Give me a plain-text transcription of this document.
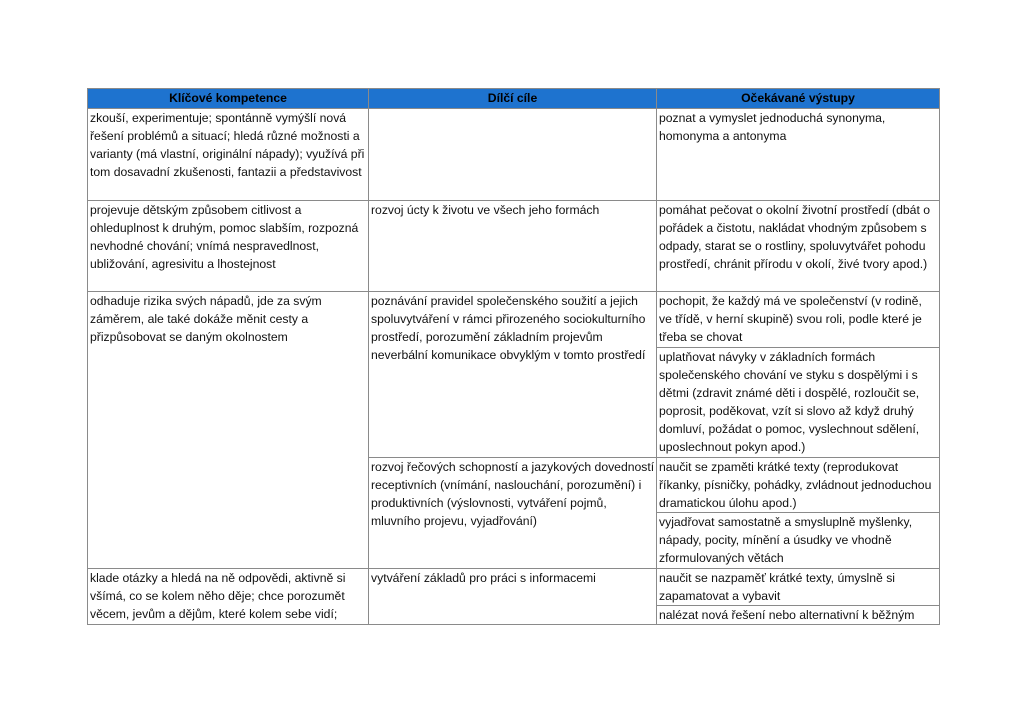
Klíčové kompetence	Dílčí cíle	Očekávané výstupy
zkouší, experimentuje; spontánně vymýšlí nová řešení problémů a situací; hledá různé možnosti a varianty (má vlastní, originální nápady); využívá při tom dosavadní zkušenosti, fantazii a představivost		poznat a vymyslet jednoduchá synonyma, homonyma a antonyma
projevuje dětským způsobem citlivost a ohleduplnost k druhým, pomoc slabším, rozpozná nevhodné chování; vnímá nespravedlnost, ubližování, agresivitu a lhostejnost	rozvoj úcty k životu ve všech jeho formách	pomáhat pečovat o okolní životní prostředí (dbát o pořádek a čistotu, nakládat vhodným způsobem s odpady, starat se o rostliny, spoluvytvářet pohodu prostředí, chránit přírodu v okolí, živé tvory apod.)
odhaduje rizika svých nápadů, jde za svým záměrem, ale také dokáže měnit cesty a přizpůsobovat se daným okolnostem	poznávání pravidel společenského soužití a jejich spoluvytváření v rámci přirozeného sociokulturního prostředí, porozumění základním projevům neverbální komunikace obvyklým v tomto prostředí	pochopit, že každý má ve společenství (v rodině, ve třídě, v herní skupině) svou roli, podle které je třeba se chovat
		uplatňovat návyky v základních formách společenského chování ve styku s dospělými i s dětmi (zdravit známé děti i dospělé, rozloučit se, poprosit, poděkovat, vzít si slovo až když druhý domluví, požádat o pomoc, vyslechnout sdělení, uposlechnout pokyn apod.)
	rozvoj řečových schopností a jazykových dovedností receptivních (vnímání, naslouchání, porozumění) i produktivních (výslovnosti, vytváření pojmů, mluvního projevu, vyjadřování)	naučit se zpaměti krátké texty (reprodukovat říkanky, písničky, pohádky, zvládnout jednoduchou dramatickou úlohu apod.)
		vyjadřovat samostatně a smysluplně myšlenky, nápady, pocity, mínění a úsudky ve vhodně zformulovaných větách
klade otázky a hledá na ně odpovědi, aktivně si všímá, co se kolem něho děje; chce porozumět věcem, jevům a dějům, které kolem sebe vidí;	vytváření základů pro práci s informacemi	naučit se nazpaměť krátké texty, úmyslně si zapamatovat a vybavit
		nalézat nová řešení nebo alternativní k běžným
